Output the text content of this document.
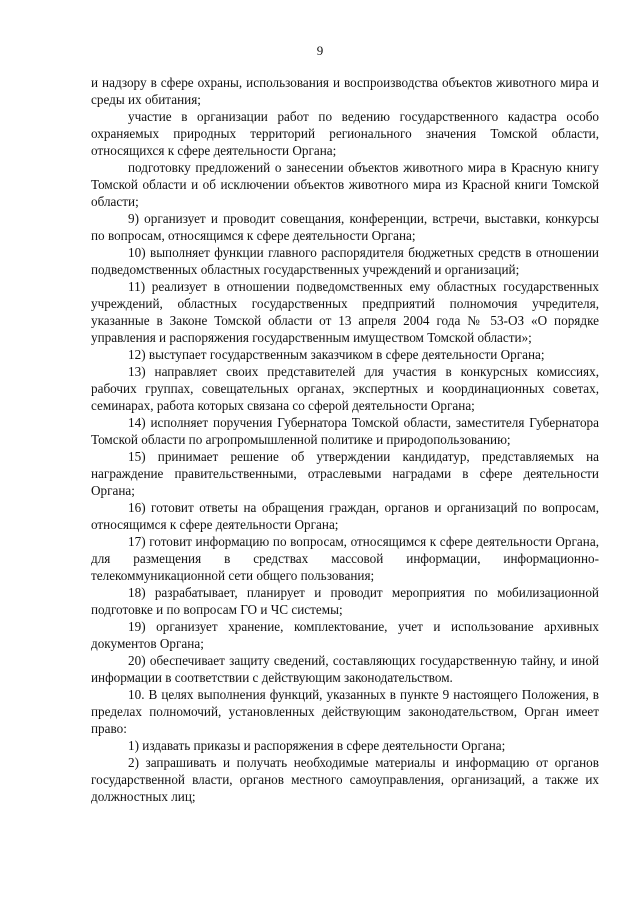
9

и надзору в сфере охраны, использования и воспроизводства объектов животного мира и среды их обитания;

участие в организации работ по ведению государственного кадастра особо охраняемых природных территорий регионального значения Томской области, относящихся к сфере деятельности Органа;

подготовку предложений о занесении объектов животного мира в Красную книгу Томской области и об исключении объектов животного мира из Красной книги Томской области;

9) организует и проводит совещания, конференции, встречи, выставки, конкурсы по вопросам, относящимся к сфере деятельности Органа;

10) выполняет функции главного распорядителя бюджетных средств в отношении подведомственных областных государственных учреждений и организаций;

11) реализует в отношении подведомственных ему областных государственных учреждений, областных государственных предприятий полномочия учредителя, указанные в Законе Томской области от 13 апреля 2004 года № 53-ОЗ «О порядке управления и распоряжения государственным имуществом Томской области»;

12) выступает государственным заказчиком в сфере деятельности Органа;

13) направляет своих представителей для участия в конкурсных комиссиях, рабочих группах, совещательных органах, экспертных и координационных советах, семинарах, работа которых связана со сферой деятельности Органа;

14) исполняет поручения Губернатора Томской области, заместителя Губернатора Томской области по агропромышленной политике и природопользованию;

15) принимает решение об утверждении кандидатур, представляемых на награждение правительственными, отраслевыми наградами в сфере деятельности Органа;

16) готовит ответы на обращения граждан, органов и организаций по вопросам, относящимся к сфере деятельности Органа;

17) готовит информацию по вопросам, относящимся к сфере деятельности Органа, для размещения в средствах массовой информации, информационно-телекоммуникационной сети общего пользования;

18) разрабатывает, планирует и проводит мероприятия по мобилизационной подготовке и по вопросам ГО и ЧС системы;

19) организует хранение, комплектование, учет и использование архивных документов Органа;

20) обеспечивает защиту сведений, составляющих государственную тайну, и иной информации в соответствии с действующим законодательством.

10. В целях выполнения функций, указанных в пункте 9 настоящего Положения, в пределах полномочий, установленных действующим законодательством, Орган имеет право:

1) издавать приказы и распоряжения в сфере деятельности Органа;

2) запрашивать и получать необходимые материалы и информацию от органов государственной власти, органов местного самоуправления, организаций, а также их должностных лиц;
